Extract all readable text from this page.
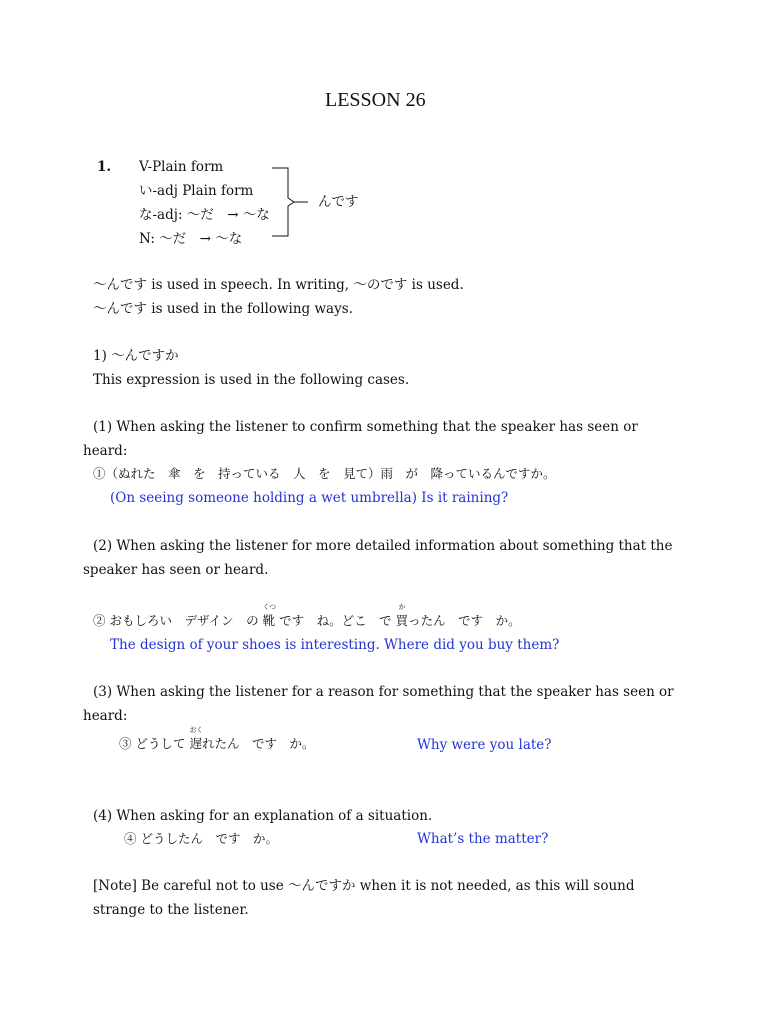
LESSON 26
1. V-Plain form
い-adj Plain form
な-adj: ～だ　→ ～な
N: ～だ　→ ～な
んです
～んです is used in speech. In writing, ～のです is used.
～んです is used in the following ways.
1) ～んですか
This expression is used in the following cases.
(1) When asking the listener to confirm something that the speaker has seen or
heard:
①（ぬれた　傘　を　持っている　人　を　見て）雨　が　降っているんですか。
(On seeing someone holding a wet umbrella) Is it raining?
(2) When asking the listener for more detailed information about something that the
speaker has seen or heard.
② おもしろい　デザイン　の
くつ
靴 です　ね。どこ　で
か
買ったん　です　か。
The design of your shoes is interesting. Where did you buy them?
(3) When asking the listener for a reason for something that the speaker has seen or
heard:
③ どうして
おく
遅れたん　です　か。	Why were you late?
(4) When asking for an explanation of a situation.
④ どうしたん　です　か。	What’s the matter?
[Note] Be careful not to use ～んですか when it is not needed, as this will sound
strange to the listener.
